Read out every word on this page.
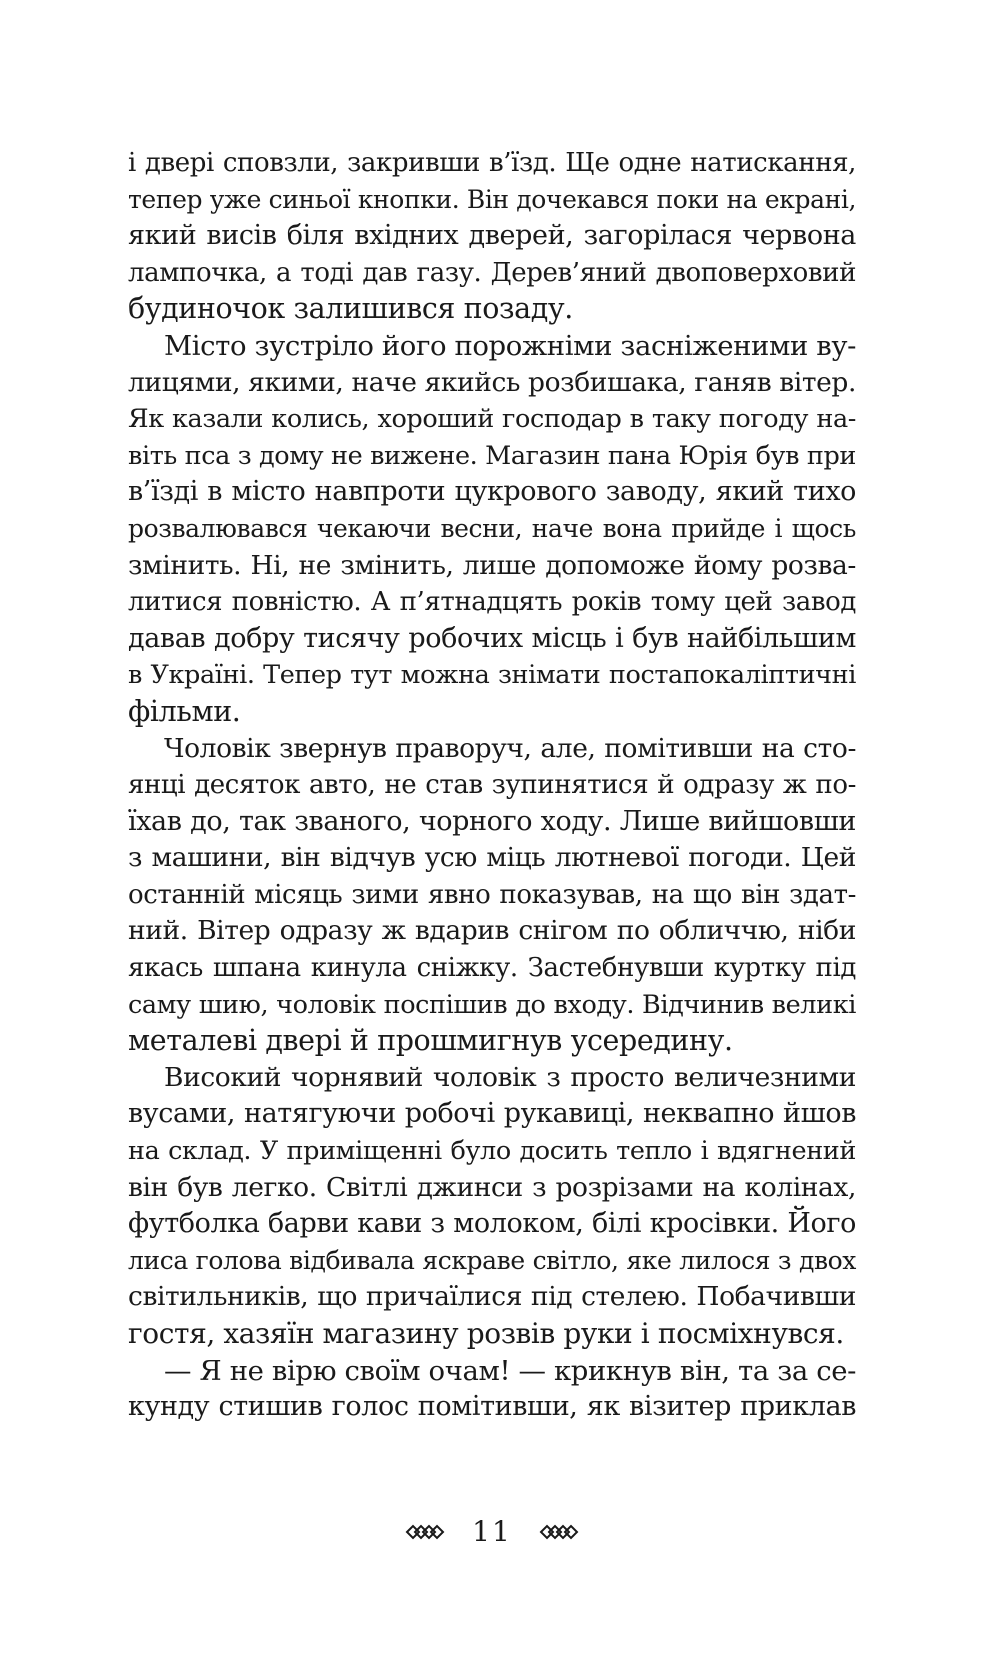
і двері сповзли, закривши в’їзд. Ще одне натискання,
тепер уже синьої кнопки. Він дочекався поки на екрані,
який висів біля вхідних дверей, загорілася червона
лампочка, а тоді дав газу. Дерев’яний двоповерховий
будиночок залишився позаду.
Місто зустріло його порожніми засніженими ву-
лицями, якими, наче якийсь розбишака, ганяв вітер.
Як казали колись, хороший господар в таку погоду на-
віть пса з дому не вижене. Магазин пана Юрія був при
в’їзді в місто навпроти цукрового заводу, який тихо
розвалювався чекаючи весни, наче вона прийде і щось
змінить. Ні, не змінить, лише допоможе йому розва-
литися повністю. А п’ятнадцять років тому цей завод
давав добру тисячу робочих місць і був найбільшим
в Україні. Тепер тут можна знімати постапокаліптичні
фільми.
Чоловік звернув праворуч, але, помітивши на сто-
янці десяток авто, не став зупинятися й одразу ж по-
їхав до, так званого, чорного ходу. Лише вийшовши
з машини, він відчув усю міць лютневої погоди. Цей
останній місяць зими явно показував, на що він здат-
ний. Вітер одразу ж вдарив снігом по обличчю, ніби
якась шпана кинула сніжку. Застебнувши куртку під
саму шию, чоловік поспішив до входу. Відчинив великі
металеві двері й прошмигнув усередину.
Високий чорнявий чоловік з просто величезними
вусами, натягуючи робочі рукавиці, неквапно йшов
на склад. У приміщенні було досить тепло і вдягнений
він був легко. Світлі джинси з розрізами на колінах,
футболка барви кави з молоком, білі кросівки. Його
лиса голова відбивала яскраве світло, яке лилося з двох
світильників, що причаїлися під стелею. Побачивши
гостя, хазяїн магазину розвів руки і посміхнувся.
— Я не вірю своїм очам! — крикнув він, та за се-
кунду стишив голос помітивши, як візитер приклав
11
